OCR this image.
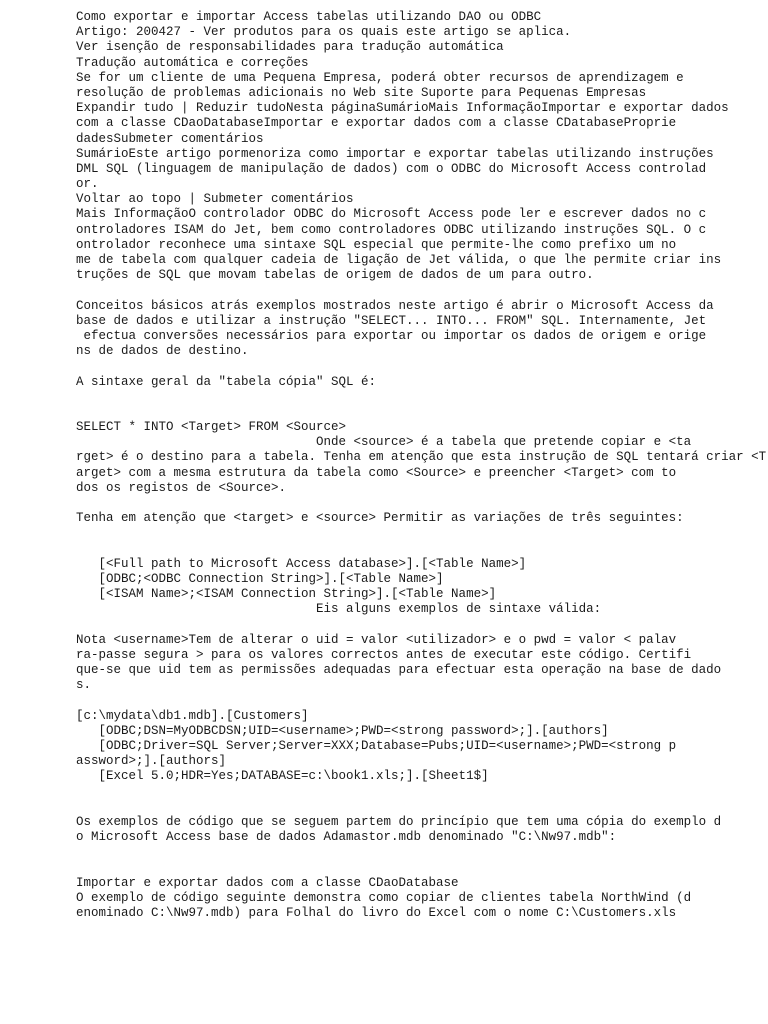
Como exportar e importar Access tabelas utilizando DAO ou ODBC
Artigo: 200427 - Ver produtos para os quais este artigo se aplica.
Ver isenção de responsabilidades para tradução automática
Tradução automática e correções
Se for um cliente de uma Pequena Empresa, poderá obter recursos de aprendizagem e
resolução de problemas adicionais no Web site Suporte para Pequenas Empresas
Expandir tudo | Reduzir tudoNesta páginaSumárioMais InformaçãoImportar e exportar dados
com a classe CDaoDatabaseImportar e exportar dados com a classe CDatabaseProprie
dadesSubmeter comentários
SumárioEste artigo pormenoriza como importar e exportar tabelas utilizando instruções
DML SQL (linguagem de manipulação de dados) com o ODBC do Microsoft Access controlad
or.
Voltar ao topo | Submeter comentários
Mais InformaçãoO controlador ODBC do Microsoft Access pode ler e escrever dados no c
ontroladores ISAM do Jet, bem como controladores ODBC utilizando instruções SQL. O c
ontrolador reconhece uma sintaxe SQL especial que permite-lhe como prefixo um no
me de tabela com qualquer cadeia de ligação de Jet válida, o que lhe permite criar ins
truções de SQL que movam tabelas de origem de dados de um para outro.

Conceitos básicos atrás exemplos mostrados neste artigo é abrir o Microsoft Access da
base de dados e utilizar a instrução "SELECT... INTO... FROM" SQL. Internamente, Jet
efectua conversões necessários para exportar ou importar os dados de origem e orige
ns de dados de destino.

A sintaxe geral da "tabela cópia" SQL é:

SELECT * INTO <Target> FROM <Source>
Onde <source> é a tabela que pretende copiar e <ta
rget> é o destino para a tabela. Tenha em atenção que esta instrução de SQL tentará criar <T
arget> com a mesma estrutura da tabela como <Source> e preencher <Target> com to
dos os registos de <Source>.

Tenha em atenção que <target> e <source> Permitir as variações de três seguintes:

[<Full path to Microsoft Access database>].[<Table Name>]
[ODBC;<ODBC Connection String>].[<Table Name>]
[<ISAM Name>;<ISAM Connection String>].[<Table Name>]
Eis alguns exemplos de sintaxe válida:

Nota <username>Tem de alterar o uid = valor <utilizador> e o pwd = valor < palav
ra-passe segura > para os valores correctos antes de executar este código. Certifi
que-se que uid tem as permissões adequadas para efectuar esta operação na base de dado
s.

[c:\mydata\db1.mdb].[Customers]
[ODBC;DSN=MyODBCDSN;UID=<username>;PWD=<strong password>;].[authors]
[ODBC;Driver=SQL Server;Server=XXX;Database=Pubs;UID=<username>;PWD=<strong p
assword>;].[authors]
[Excel 5.0;HDR=Yes;DATABASE=c:\book1.xls;].[Sheet1$]

Os exemplos de código que se seguem partem do princípio que tem uma cópia do exemplo d
o Microsoft Access base de dados Adamastor.mdb denominado "C:\Nw97.mdb":

Importar e exportar dados com a classe CDaoDatabase
O exemplo de código seguinte demonstra como copiar de clientes tabela NorthWind (d
enominado C:\Nw97.mdb) para Folhal do livro do Excel com o nome C:\Customers.xls
